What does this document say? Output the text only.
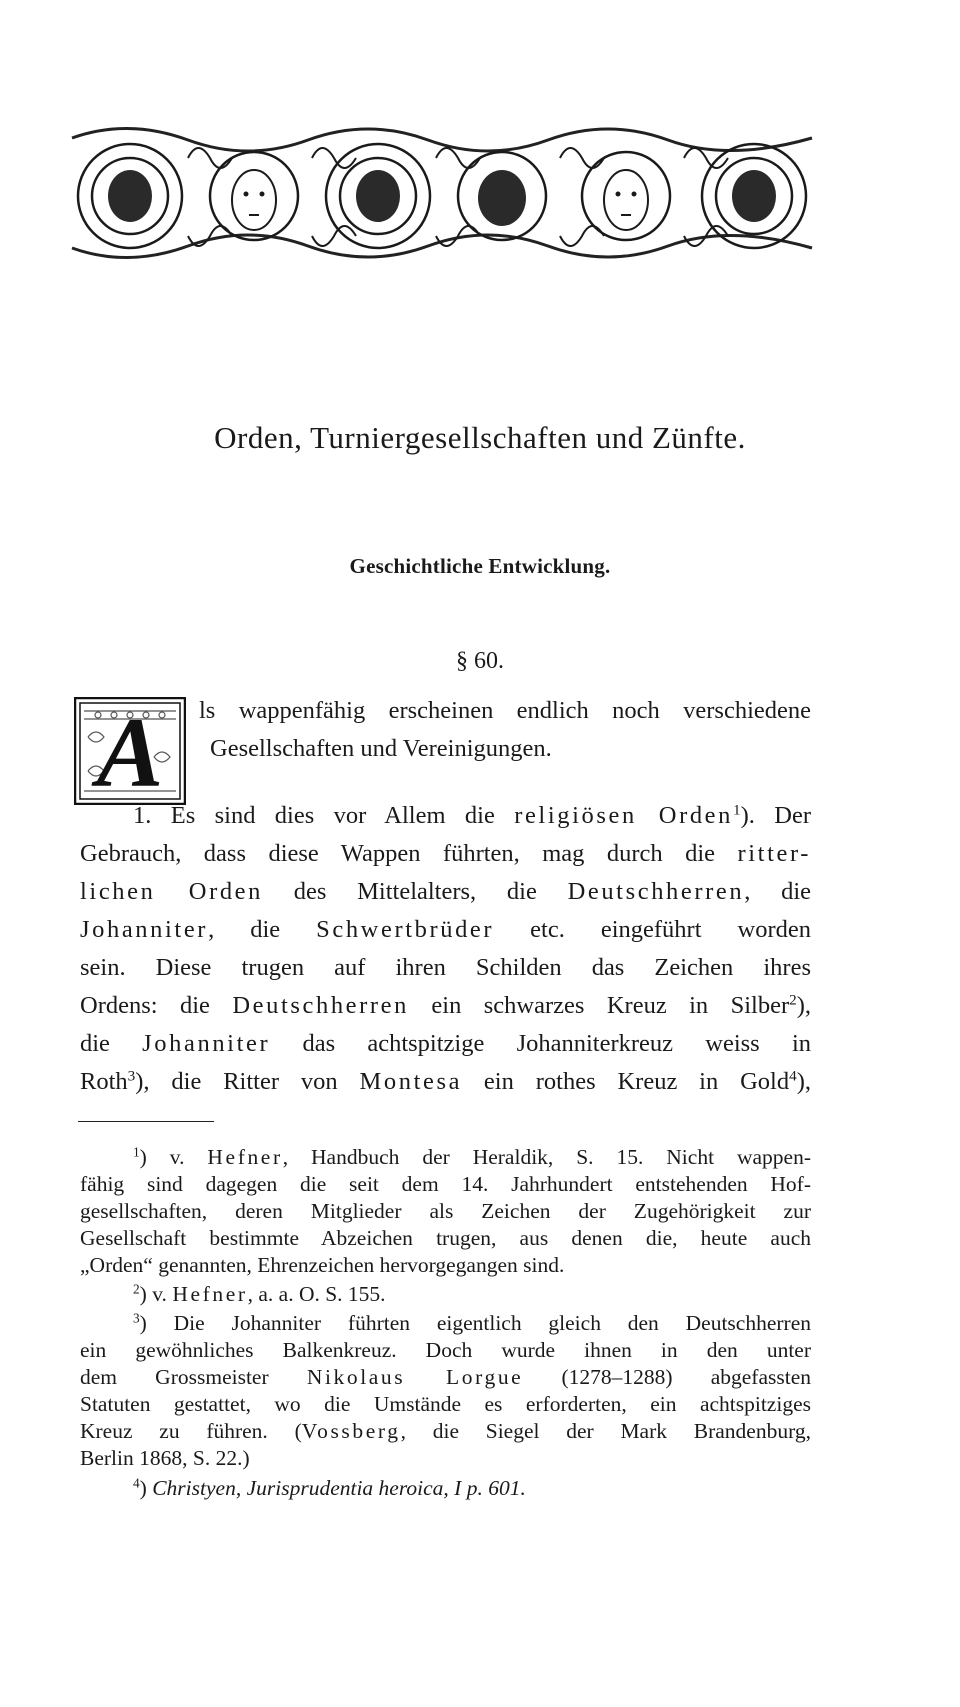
Orden, Turniergesellschaften und Zünfte.
Geschichtliche Entwicklung.
§ 60.
A	ls wappenfähig erscheinen endlich noch verschiedene
Gesellschaften und Vereinigungen.
1. Es sind dies vor Allem die religiösen Orden$^1$). Der
Gebrauch, dass diese Wappen führten, mag durch die ritter-
lichen Orden des Mittelalters, die Deutschherren, die
Johanniter, die Schwertbrüder etc. eingeführt worden
sein. Diese trugen auf ihren Schilden das Zeichen ihres
Ordens: die Deutschherren ein schwarzes Kreuz in Silber$^2$),
die Johanniter das achtspitzige Johanniterkreuz weiss in
Roth$^3$), die Ritter von Montesa ein rothes Kreuz in Gold$^4$),
$^1$) v. Hefner, Handbuch der Heraldik, S. 15. Nicht wappen-
fähig sind dagegen die seit dem 14. Jahrhundert entstehenden Hof-
gesellschaften, deren Mitglieder als Zeichen der Zugehörigkeit zur
Gesellschaft bestimmte Abzeichen trugen, aus denen die, heute auch
„Orden“ genannten, Ehrenzeichen hervorgegangen sind.
$^2$) v. Hefner, a. a. O. S. 155.
$^3$) Die Johanniter führten eigentlich gleich den Deutschherren
ein gewöhnliches Balkenkreuz. Doch wurde ihnen in den unter
dem Grossmeister Nikolaus Lorgue (1278–1288) abgefassten
Statuten gestattet, wo die Umstände es erforderten, ein achtspitziges
Kreuz zu führen. (Vossberg, die Siegel der Mark Brandenburg,
Berlin 1868, S. 22.)
$^4$) Christyen, Jurisprudentia heroica, I p. 601.
